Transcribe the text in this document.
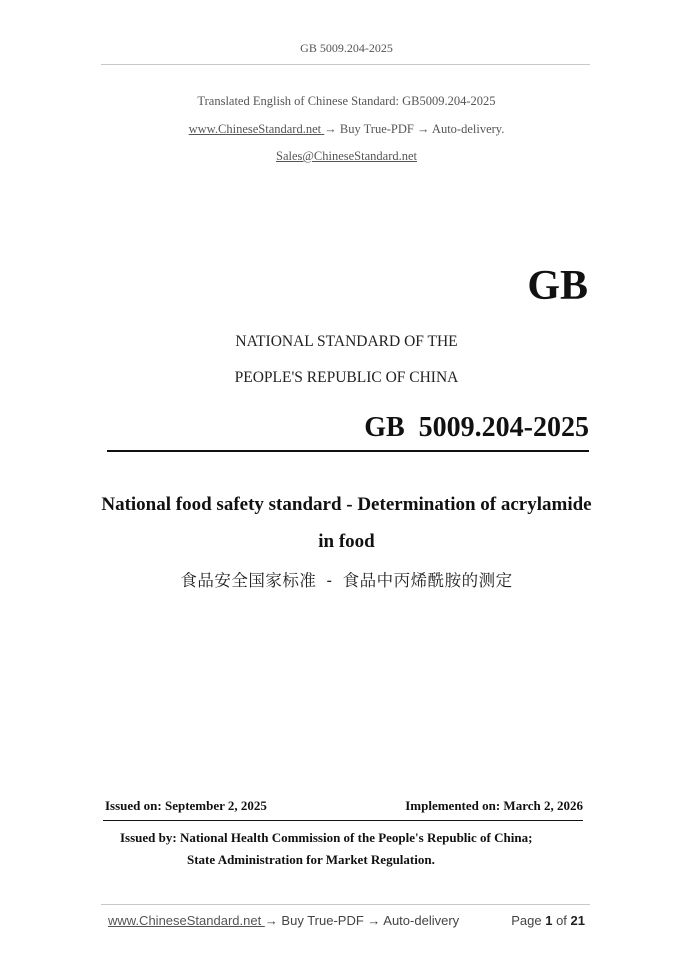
GB 5009.204-2025
Translated English of Chinese Standard: GB5009.204-2025
www.ChineseStandard.net → Buy True-PDF → Auto-delivery.
Sales@ChineseStandard.net
GB
NATIONAL STANDARD OF THE
PEOPLE'S REPUBLIC OF CHINA
GB  5009.204-2025
National food safety standard - Determination of acrylamide
in food
食品安全国家标准  -  食品中丙烯酰胺的测定
Issued on: September 2, 2025	Implemented on: March 2, 2026
Issued by: National Health Commission of the People's Republic of China;
State Administration for Market Regulation.
www.ChineseStandard.net → Buy True-PDF → Auto-delivery	Page 1 of 21
